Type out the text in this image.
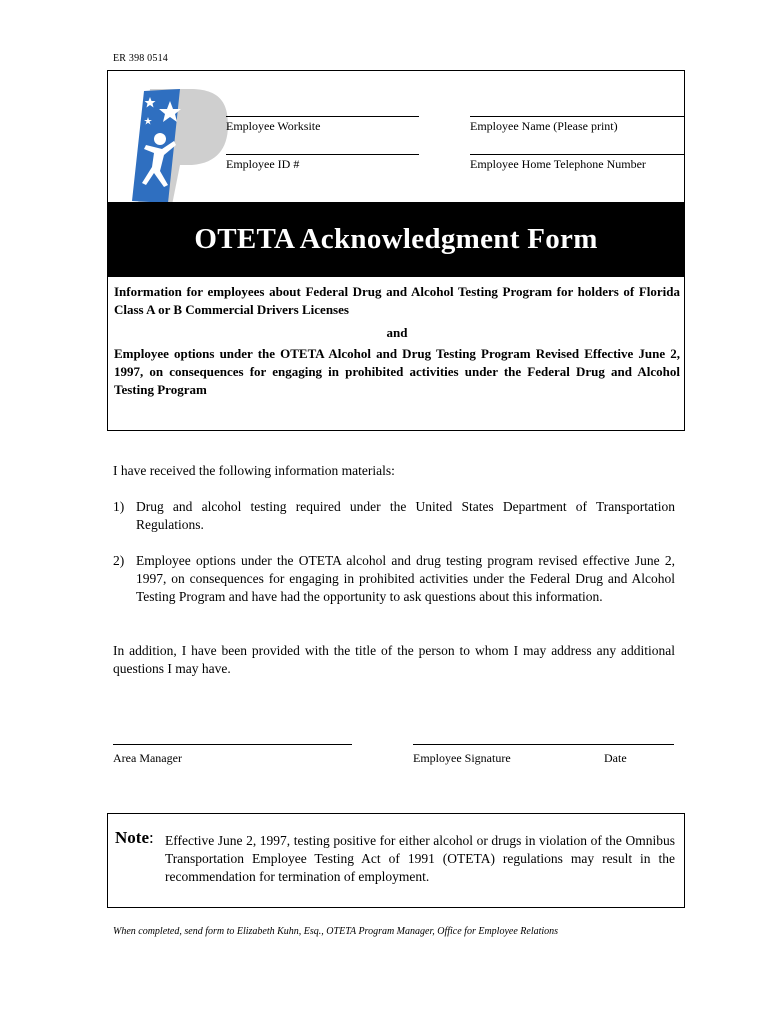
ER 398 0514
Employee Worksite	Employee Name (Please print)
Employee ID #	Employee Home Telephone Number
OTETA Acknowledgment Form

Information for employees about Federal Drug and Alcohol Testing Program for holders of Florida Class A or B Commercial Drivers Licenses

and

Employee options under the OTETA Alcohol and Drug Testing Program Revised Effective June 2, 1997, on consequences for engaging in prohibited activities under the Federal Drug and Alcohol Testing Program

I have received the following information materials:
1) Drug and alcohol testing required under the United States Department of Transportation Regulations.
2) Employee options under the OTETA alcohol and drug testing program revised effective June 2, 1997, on consequences for engaging in prohibited activities under the Federal Drug and Alcohol Testing Program and have had the opportunity to ask questions about this information.
In addition, I have been provided with the title of the person to whom I may address any additional questions I may have.
Area Manager	Employee Signature	Date
Note: Effective June 2, 1997, testing positive for either alcohol or drugs in violation of the Omnibus Transportation Employee Testing Act of 1991 (OTETA) regulations may result in the recommendation for termination of employment.
When completed, send form to Elizabeth Kuhn, Esq., OTETA Program Manager, Office for Employee Relations
